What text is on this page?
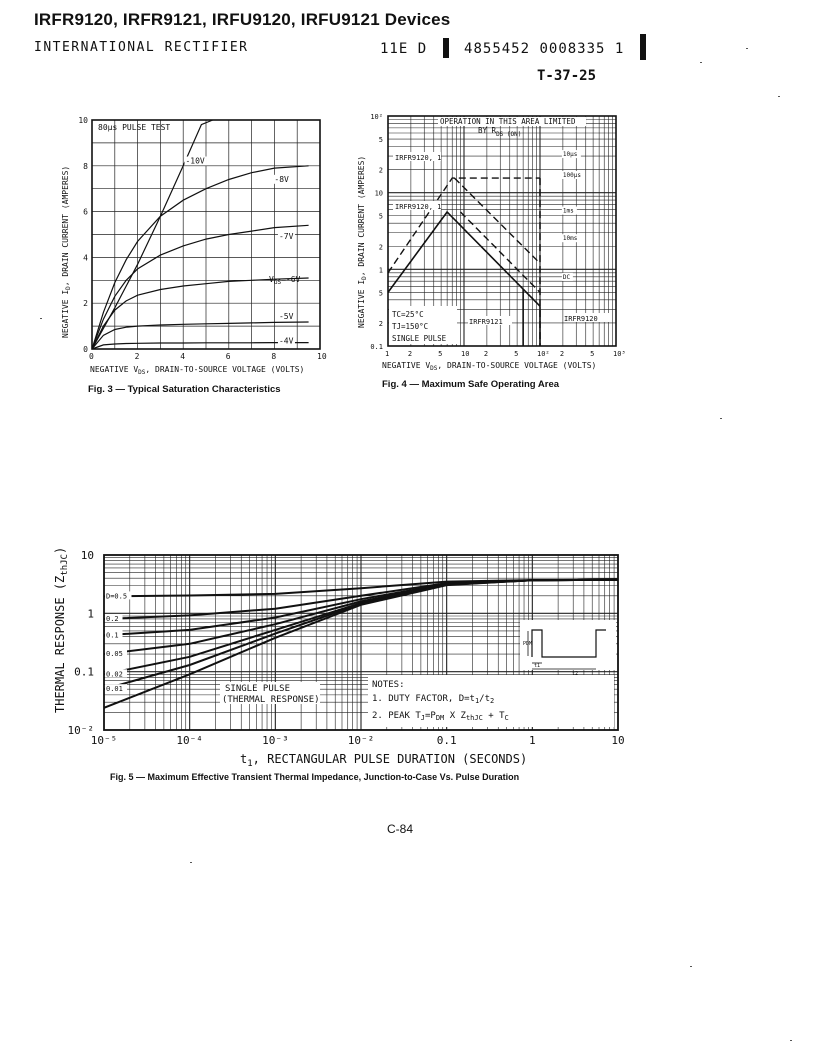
IRFR9120, IRFR9121, IRFU9120, IRFU9121 Devices
INTERNATIONAL RECTIFIER	11E D	4855452 0008335 1
T-37-25
0	2	4	6	8	10
0
2
4
6
8
10
80µs PULSE TEST
-10V
-8V
-7V
-5V
-4V
$V_{GS}=-6V$
NEGATIVE $I_D$, DRAIN CURRENT (AMPERES)
NEGATIVE $V_{DS}$, DRAIN-TO-SOURCE VOLTAGE (VOLTS)
Fig. 3 — Typical Saturation Characteristics
1	2	5	10 2	5	10² 2	5	10³
0.1
2
5
1
2
5
10
2
5
10²	OPERATION IN THIS AREA LIMITED
BY $R_{DS (ON)}$
IRFR9120, 1
IRFR9120, 1
IRFR9121	IRFR9120
10µs
100µs
1ms
10ms
DC
TC=25°C
TJ=150°C
SINGLE PULSE
NEGATIVE $I_D$, DRAIN CURRENT (AMPERES)
NEGATIVE $V_{DS}$, DRAIN-TO-SOURCE VOLTAGE (VOLTS)
Fig. 4 — Maximum Safe Operating Area
10⁻⁵	10⁻⁴	10⁻³	10⁻²	0.1	1	10
10
1
0.1
10⁻²
D=0.5
0.2
0.1
0.05
0.02
0.01	SINGLE PULSE
(THERMAL RESPONSE)
NOTES:
1. DUTY FACTOR, $D=t_1/t_2$
2. PEAK $T_J=P_{DM}$ X $Z_{thJC} + T_C$
PDM
t1
t2
THERMAL RESPONSE $(Z_{thJC})$
$t_1$, RECTANGULAR PULSE DURATION (SECONDS)
Fig. 5 — Maximum Effective Transient Thermal Impedance, Junction-to-Case Vs. Pulse Duration
C-84
